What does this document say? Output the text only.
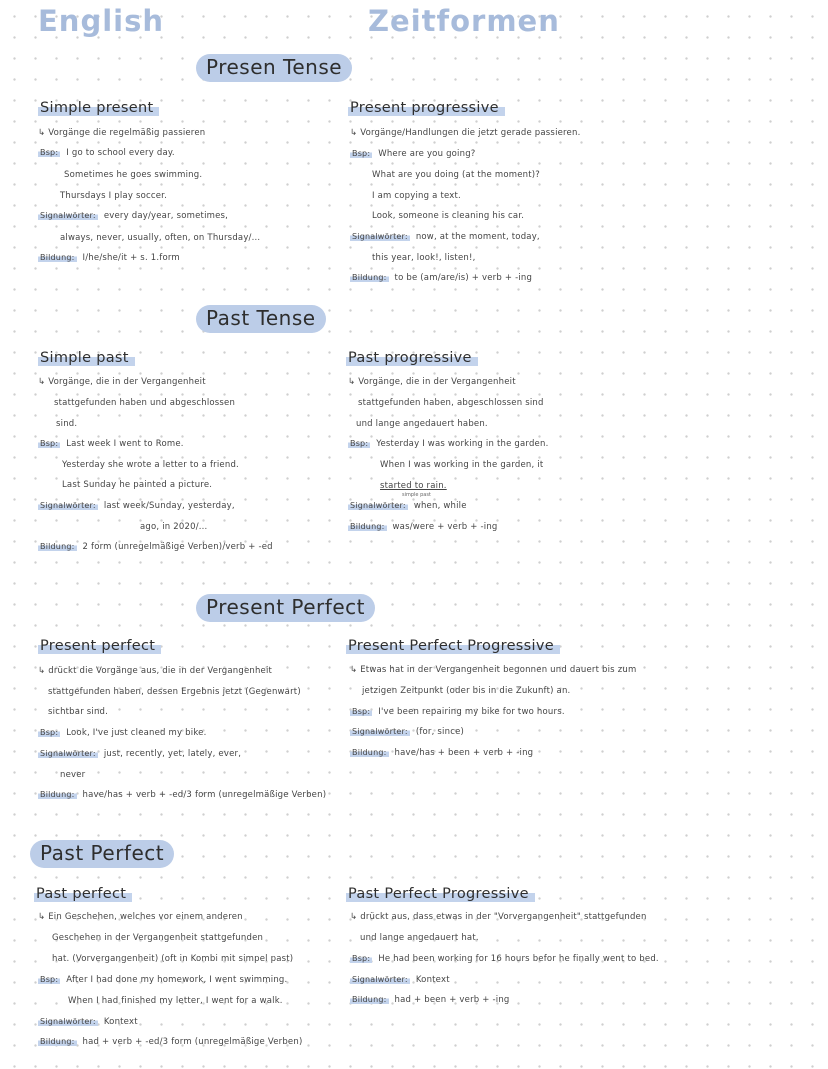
English	Zeitformen
Presen Tense
Past Tense
Present Perfect
Past Perfect
Simple present
↳ Vorgänge die regelmäßig passieren
Bsp: I go to school every day.
Sometimes he goes swimming.
Thursdays I play soccer.
Signalwörter: every day/year, sometimes,
always, never, usually, often, on Thursday/...
Bildung: I/he/she/it + s. 1.form
Present progressive
↳ Vorgänge/Handlungen die jetzt gerade passieren.
Bsp: Where are you going?
What are you doing (at the moment)?
I am copying a text.
Look, someone is cleaning his car.
Signalwörter: now, at the moment, today,
this year, look!, listen!,
Bildung: to be (am/are/is) + verb + -ing
Simple past
↳ Vorgänge, die in der Vergangenheit
stattgefunden haben und abgeschlossen
sind.
Bsp: Last week I went to Rome.
Yesterday she wrote a letter to a friend.
Last Sunday he painted a picture.
Signalwörter: last week/Sunday, yesterday,
ago, in 2020/...
Bildung: 2 form (unregelmäßige Verben)/verb + -ed
Past progressive
↳ Vorgänge, die in der Vergangenheit
stattgefunden haben, abgeschlossen sind
und lange angedauert haben.
Bsp: Yesterday I was working in the garden.
When I was working in the garden, it
started to rain.
simple past
Signalwörter: when, while
Bildung: was/were + verb + -ing
Present perfect
↳ drückt die Vorgänge aus, die in der Vergangenheit
stattgefunden haben, dessen Ergebnis jetzt (Gegenwart)
sichtbar sind.
Bsp: Look, I've just cleaned my bike.
Signalwörter: just, recently, yet, lately, ever,
never
Bildung: have/has + verb + -ed/3 form (unregelmäßige Verben)
Present Perfect Progressive
↳ Etwas hat in der Vergangenheit begonnen und dauert bis zum
jetzigen Zeitpunkt (oder bis in die Zukunft) an.
Bsp: I've been repairing my bike for two hours.
Signalwörter: (for, since)
Bildung: have/has + been + verb + -ing
Past perfect
↳ Ein Geschehen, welches vor einem anderen
Geschehen in der Vergangenheit stattgefunden
hat. (Vorvergangenheit) (oft in Kombi mit simpel past)
Bsp: After I had done my homework, I went swimming.
When I had finished my letter, I went for a walk.
Signalwörter: Kontext
Bildung: had + verb + -ed/3 form (unregelmäßige Verben)
Past Perfect Progressive
↳ drückt aus, dass etwas in der "Vorvergangenheit" stattgefunden
und lange angedauert hat.
Bsp: He had been working for 16 hours befor he finally went to bed.
Signalwörter: Kontext
Bildung: had + been + verb + -ing
